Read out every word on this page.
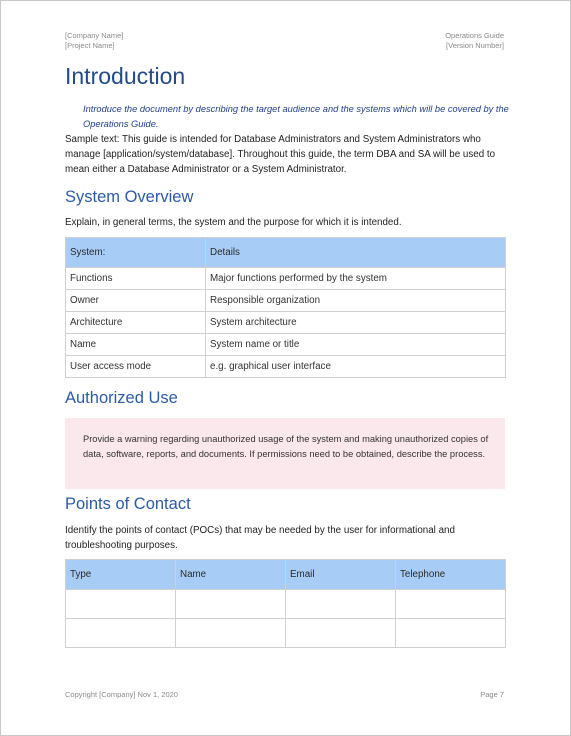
[Company Name]
[Project Name]
Operations Guide
[Version Number]
Introduction
Introduce the document by describing the target audience and the systems which will be covered by the Operations Guide.
Sample text: This guide is intended for Database Administrators and System Administrators who manage [application/system/database]. Throughout this guide, the term DBA and SA will be used to mean either a Database Administrator or a System Administrator.
System Overview
Explain, in general terms, the system and the purpose for which it is intended.
System:	Details
Functions	Major functions performed by the system
Owner	Responsible organization
Architecture	System architecture
Name	System name or title
User access mode	e.g. graphical user interface
Authorized Use
Provide a warning regarding unauthorized usage of the system and making unauthorized copies of data, software, reports, and documents. If permissions need to be obtained, describe the process.
Points of Contact
Identify the points of contact (POCs) that may be needed by the user for informational and troubleshooting purposes.
Type	Name	Email	Telephone

Copyright [Company] Nov 1, 2020	Page 7
